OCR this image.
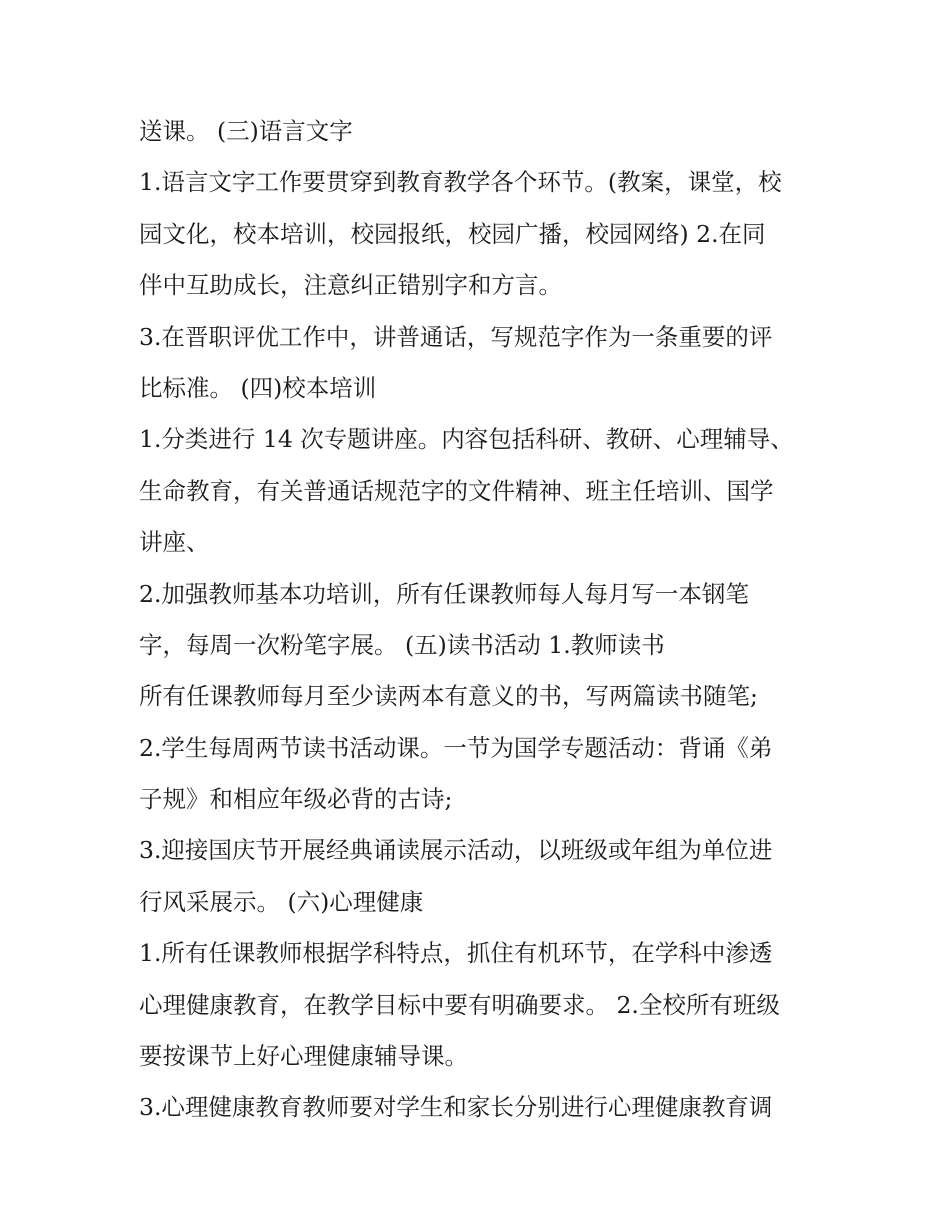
送课。 (三)语言文字
1.语言文字工作要贯穿到教育教学各个环节。(教案，课堂，校
园文化，校本培训，校园报纸，校园广播，校园网络) 2.在同
伴中互助成长，注意纠正错别字和方言。
3.在晋职评优工作中，讲普通话，写规范字作为一条重要的评
比标准。 (四)校本培训
1.分类进行 14 次专题讲座。内容包括科研、教研、心理辅导、
生命教育，有关普通话规范字的文件精神、班主任培训、国学
讲座、
2.加强教师基本功培训，所有任课教师每人每月写一本钢笔
字，每周一次粉笔字展。 (五)读书活动 1.教师读书
所有任课教师每月至少读两本有意义的书，写两篇读书随笔;
2.学生每周两节读书活动课。一节为国学专题活动：背诵《弟
子规》和相应年级必背的古诗;
3.迎接国庆节开展经典诵读展示活动，以班级或年组为单位进
行风采展示。 (六)心理健康
1.所有任课教师根据学科特点，抓住有机环节，在学科中渗透
心理健康教育，在教学目标中要有明确要求。 2.全校所有班级
要按课节上好心理健康辅导课。
3.心理健康教育教师要对学生和家长分别进行心理健康教育调
